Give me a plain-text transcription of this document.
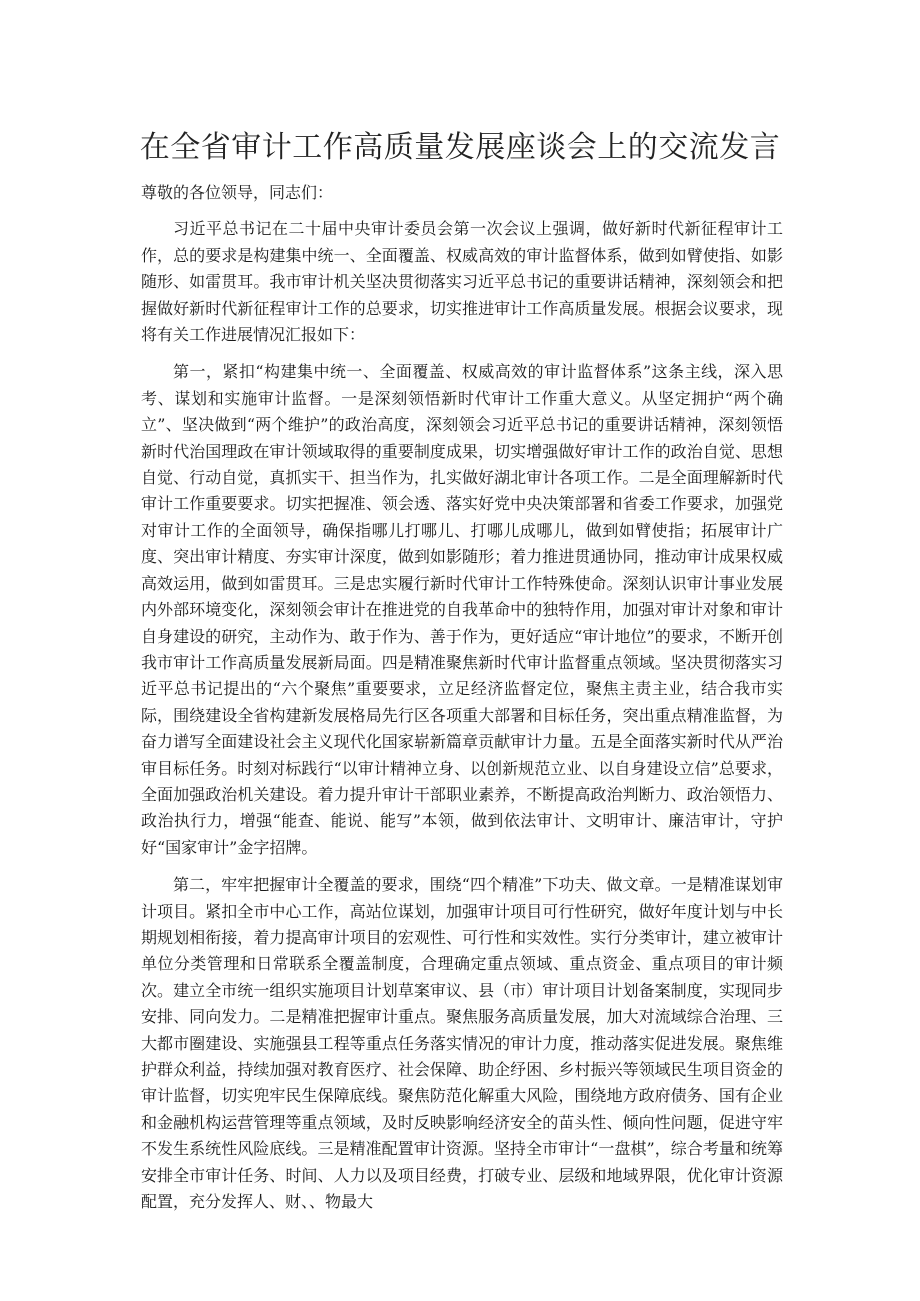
在全省审计工作高质量发展座谈会上的交流发言

尊敬的各位领导，同志们：

习近平总书记在二十届中央审计委员会第一次会议上强调，做好新时代新征程审计工作，总的要求是构建集中统一、全面覆盖、权威高效的审计监督体系，做到如臂使指、如影随形、如雷贯耳。我市审计机关坚决贯彻落实习近平总书记的重要讲话精神，深刻领会和把握做好新时代新征程审计工作的总要求，切实推进审计工作高质量发展。根据会议要求，现将有关工作进展情况汇报如下：

第一，紧扣“构建集中统一、全面覆盖、权威高效的审计监督体系”这条主线，深入思考、谋划和实施审计监督。一是深刻领悟新时代审计工作重大意义。从坚定拥护“两个确立”、坚决做到“两个维护”的政治高度，深刻领会习近平总书记的重要讲话精神，深刻领悟新时代治国理政在审计领域取得的重要制度成果，切实增强做好审计工作的政治自觉、思想自觉、行动自觉，真抓实干、担当作为，扎实做好湖北审计各项工作。二是全面理解新时代审计工作重要要求。切实把握准、领会透、落实好党中央决策部署和省委工作要求，加强党对审计工作的全面领导，确保指哪儿打哪儿、打哪儿成哪儿，做到如臂使指；拓展审计广度、突出审计精度、夯实审计深度，做到如影随形；着力推进贯通协同，推动审计成果权威高效运用，做到如雷贯耳。三是忠实履行新时代审计工作特殊使命。深刻认识审计事业发展内外部环境变化，深刻领会审计在推进党的自我革命中的独特作用，加强对审计对象和审计自身建设的研究，主动作为、敢于作为、善于作为，更好适应“审计地位”的要求，不断开创我市审计工作高质量发展新局面。四是精准聚焦新时代审计监督重点领域。坚决贯彻落实习近平总书记提出的“六个聚焦”重要要求，立足经济监督定位，聚焦主责主业，结合我市实际，围绕建设全省构建新发展格局先行区各项重大部署和目标任务，突出重点精准监督，为奋力谱写全面建设社会主义现代化国家崭新篇章贡献审计力量。五是全面落实新时代从严治审目标任务。时刻对标践行“以审计精神立身、以创新规范立业、以自身建设立信”总要求，全面加强政治机关建设。着力提升审计干部职业素养，不断提高政治判断力、政治领悟力、政治执行力，增强“能查、能说、能写”本领，做到依法审计、文明审计、廉洁审计，守护好“国家审计”金字招牌。

第二，牢牢把握审计全覆盖的要求，围绕“四个精准”下功夫、做文章。一是精准谋划审计项目。紧扣全市中心工作，高站位谋划，加强审计项目可行性研究，做好年度计划与中长期规划相衔接，着力提高审计项目的宏观性、可行性和实效性。实行分类审计，建立被审计单位分类管理和日常联系全覆盖制度，合理确定重点领域、重点资金、重点项目的审计频次。建立全市统一组织实施项目计划草案审议、县（市）审计项目计划备案制度，实现同步安排、同向发力。二是精准把握审计重点。聚焦服务高质量发展，加大对流域综合治理、三大都市圈建设、实施强县工程等重点任务落实情况的审计力度，推动落实促进发展。聚焦维护群众利益，持续加强对教育医疗、社会保障、助企纾困、乡村振兴等领域民生项目资金的审计监督，切实兜牢民生保障底线。聚焦防范化解重大风险，围绕地方政府债务、国有企业和金融机构运营管理等重点领域，及时反映影响经济安全的苗头性、倾向性问题，促进守牢不发生系统性风险底线。三是精准配置审计资源。坚持全市审计“一盘棋”，综合考量和统筹安排全市审计任务、时间、人力以及项目经费，打破专业、层级和地域界限，优化审计资源配置，充分发挥人、财、、物最大
